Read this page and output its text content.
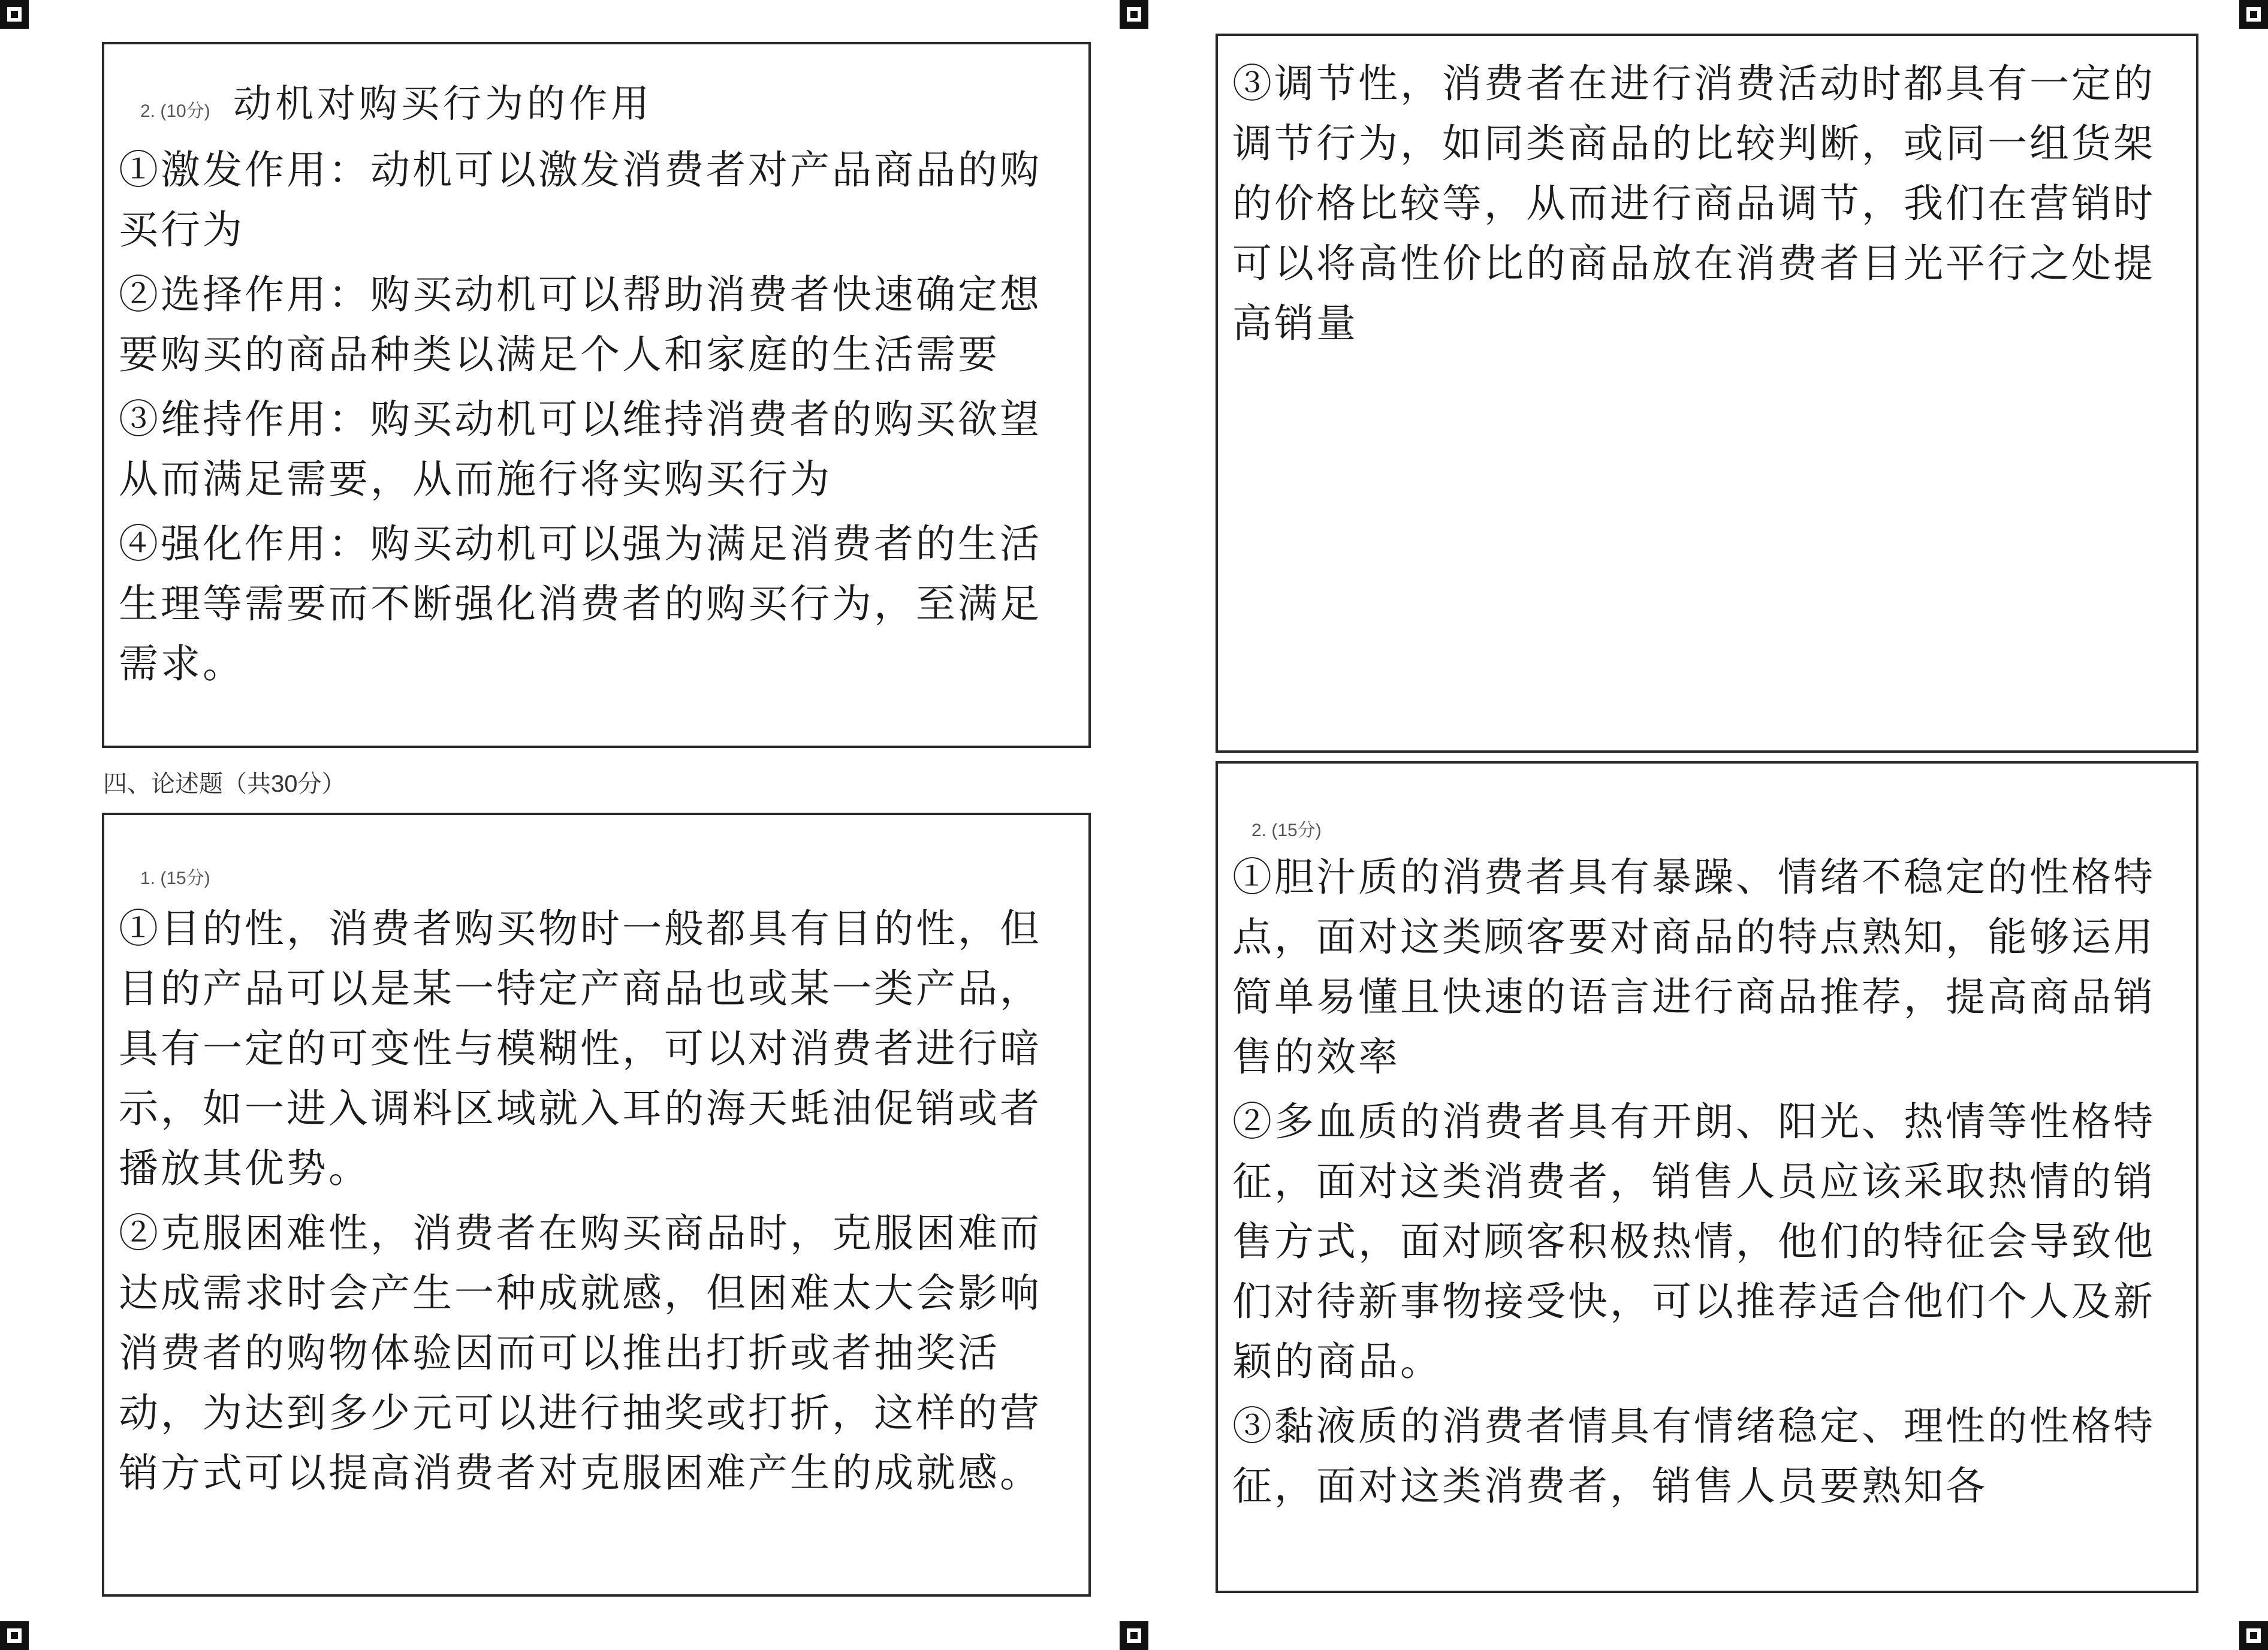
2. (10分) 动机对购买行为的作用

①激发作用：动机可以激发消费者对产品商品的购买行为

②选择作用：购买动机可以帮助消费者快速确定想要购买的商品种类以满足个人和家庭的生活需要

③维持作用：购买动机可以维持消费者的购买欲望从而满足需要，从而施行将实购买行为

④强化作用：购买动机可以强为满足消费者的生活生理等需要而不断强化消费者的购买行为，至满足需求。

四、论述题（共30分）
1. (15分)

①目的性，消费者购买物时一般都具有目的性，但目的产品可以是某一特定产商品也或某一类产品，具有一定的可变性与模糊性，可以对消费者进行暗示，如一进入调料区域就入耳的海天蚝油促销或者播放其优势。

②克服困难性，消费者在购买商品时，克服困难而达成需求时会产生一种成就感，但困难太大会影响消费者的购物体验因而可以推出打折或者抽奖活动，为达到多少元可以进行抽奖或打折，这样的营销方式可以提高消费者对克服困难产生的成就感。

③调节性，消费者在进行消费活动时都具有一定的调节行为，如同类商品的比较判断，或同一组货架的价格比较等，从而进行商品调节，我们在营销时可以将高性价比的商品放在消费者目光平行之处提高销量

2. (15分)

①胆汁质的消费者具有暴躁、情绪不稳定的性格特点，面对这类顾客要对商品的特点熟知，能够运用简单易懂且快速的语言进行商品推荐，提高商品销售的效率

②多血质的消费者具有开朗、阳光、热情等性格特征，面对这类消费者，销售人员应该采取热情的销售方式，面对顾客积极热情，他们的特征会导致他们对待新事物接受快，可以推荐适合他们个人及新颖的商品。

③黏液质的消费者情具有情绪稳定、理性的性格特征，面对这类消费者，销售人员要熟知各
